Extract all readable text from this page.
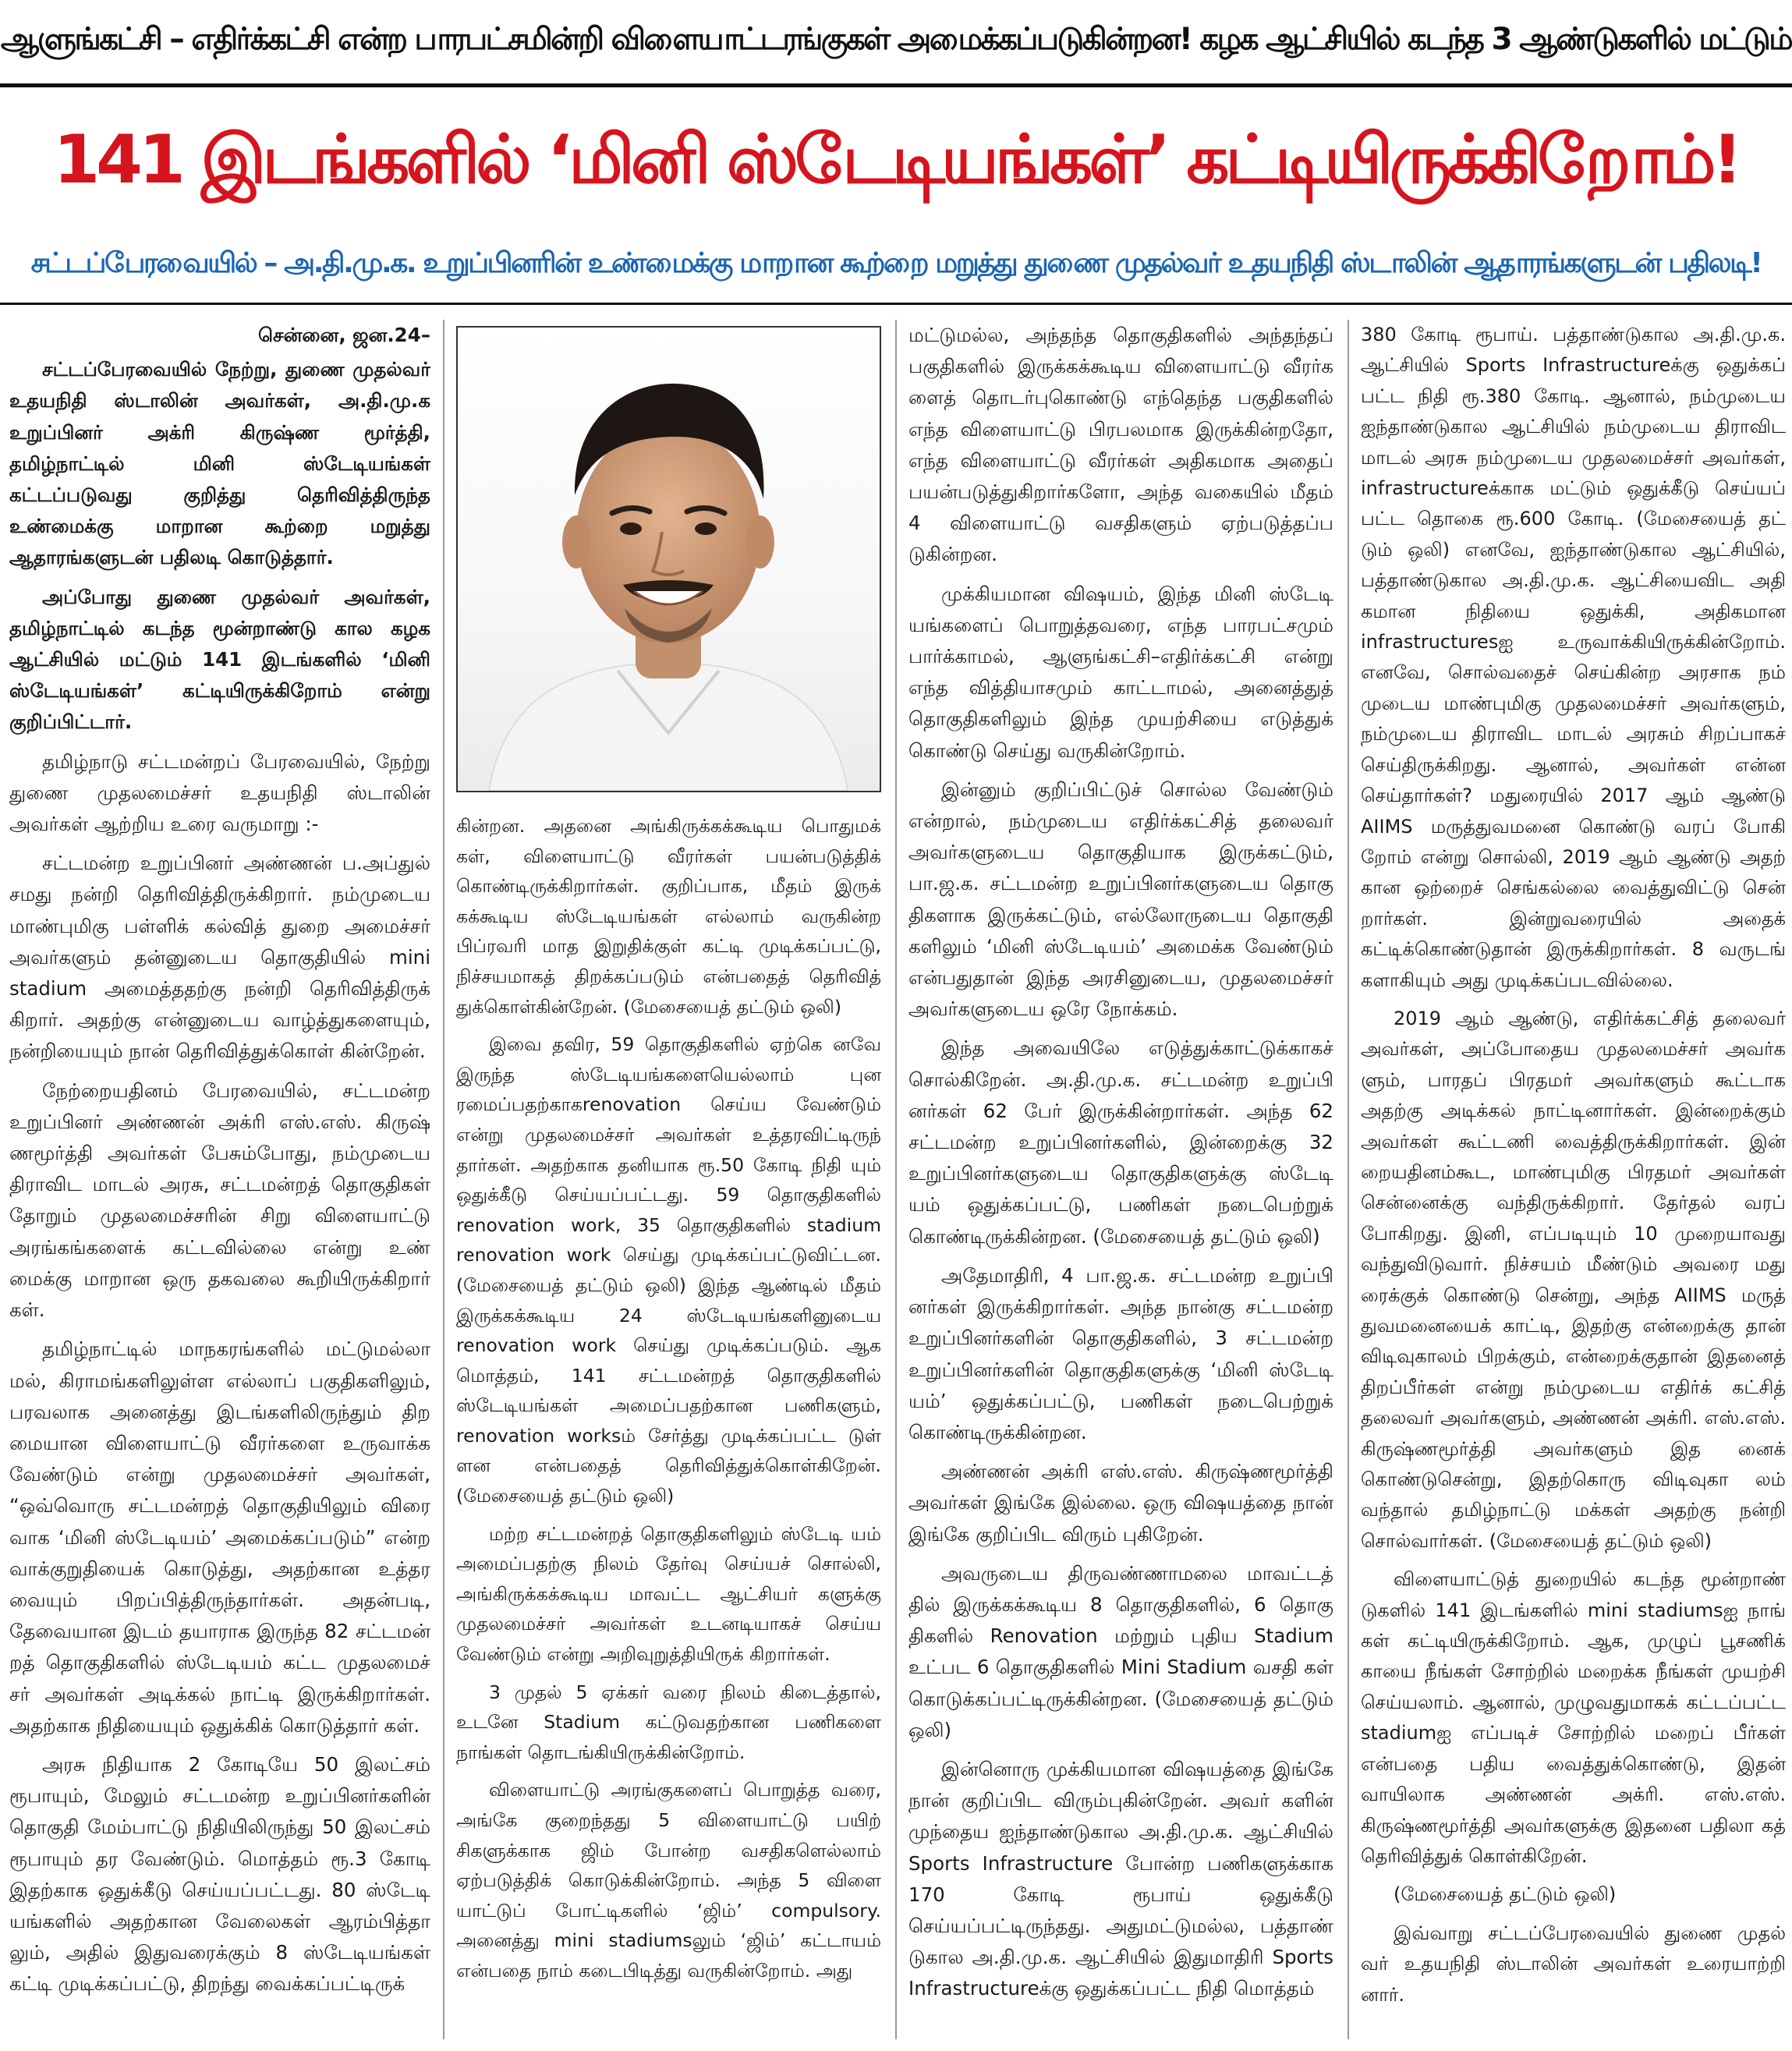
ஆளுங்கட்சி – எதிர்க்கட்சி என்ற பாரபட்சமின்றி விளையாட்டரங்குகள் அமைக்கப்படுகின்றன! கழக ஆட்சியில் கடந்த 3 ஆண்டுகளில் மட்டும்
141 இடங்களில் ‘மினி ஸ்டேடியங்கள்’ கட்டியிருக்கிறோம்!
சட்டப்பேரவையில் – அ.தி.மு.க. உறுப்பினரின் உண்மைக்கு மாறான கூற்றை மறுத்து துணை முதல்வர் உதயநிதி ஸ்டாலின் ஆதாரங்களுடன் பதிலடி!
சென்னை, ஜன.24–

சட்டப்பேரவையில் நேற்று, துணை முதல்வர் உதயநிதி ஸ்டாலின் அவர்கள், அ.தி.மு.க உறுப்பினர் அக்ரி கிருஷ்ண மூர்த்தி, தமிழ்நாட்டில் மினி ஸ்டேடியங்கள் கட்டப்படுவது குறித்து தெரிவித்திருந்த உண்மைக்கு மாறான கூற்றை மறுத்து ஆதாரங்களுடன் பதிலடி கொடுத்தார்.

அப்போது துணை முதல்வர் அவர்கள், தமிழ்நாட்டில் கடந்த மூன்றாண்டு கால கழக ஆட்சியில் மட்டும் 141 இடங்களில் ‘மினி ஸ்டேடியங்கள்’ கட்டியிருக்கிறோம் என்று குறிப்பிட்டார்.

தமிழ்நாடு சட்டமன்றப் பேரவையில், நேற்று துணை முதலமைச்சர் உதயநிதி ஸ்டாலின் அவர்கள் ஆற்றிய உரை வருமாறு :-

சட்டமன்ற உறுப்பினர் அண்ணன் ப.அப்துல் சமது நன்றி தெரிவித்திருக்கிறார். நம்முடைய மாண்புமிகு பள்ளிக் கல்வித் துறை அமைச்சர் அவர்களும் தன்னுடைய தொகுதியில் mini stadium அமைத்ததற்கு நன்றி தெரிவித்திருக் கிறார். அதற்கு என்னுடைய வாழ்த்துகளையும், நன்றியையும் நான் தெரிவித்துக்கொள் கின்றேன்.

நேற்றையதினம் பேரவையில், சட்டமன்ற உறுப்பினர் அண்ணன் அக்ரி எஸ்.எஸ். கிருஷ் ணமூர்த்தி அவர்கள் பேசும்போது, நம்முடைய திராவிட மாடல் அரசு, சட்டமன்றத் தொகுதிகள் தோறும் முதலமைச்சரின் சிறு விளையாட்டு அரங்கங்களைக் கட்டவில்லை என்று உண் மைக்கு மாறான ஒரு தகவலை கூறியிருக்கிறார் கள்.

தமிழ்நாட்டில் மாநகரங்களில் மட்டுமல்லா மல், கிராமங்களிலுள்ள எல்லாப் பகுதிகளிலும், பரவலாக அனைத்து இடங்களிலிருந்தும் திற மையான விளையாட்டு வீரர்களை உருவாக்க வேண்டும் என்று முதலமைச்சர் அவர்கள், “ஒவ்வொரு சட்டமன்றத் தொகுதியிலும் விரை வாக ‘மினி ஸ்டேடியம்’ அமைக்கப்படும்” என்ற வாக்குறுதியைக் கொடுத்து, அதற்கான உத்தர வையும் பிறப்பித்திருந்தார்கள். அதன்படி, தேவையான இடம் தயாராக இருந்த 82 சட்டமன் றத் தொகுதிகளில் ஸ்டேடியம் கட்ட முதலமைச் சர் அவர்கள் அடிக்கல் நாட்டி இருக்கிறார்கள். அதற்காக நிதியையும் ஒதுக்கிக் கொடுத்தார் கள்.

அரசு நிதியாக 2 கோடியே 50 இலட்சம் ரூபாயும், மேலும் சட்டமன்ற உறுப்பினர்களின் தொகுதி மேம்பாட்டு நிதியிலிருந்து 50 இலட்சம் ரூபாயும் தர வேண்டும். மொத்தம் ரூ.3 கோடி இதற்காக ஒதுக்கீடு செய்யப்பட்டது. 80 ஸ்டேடி யங்களில் அதற்கான வேலைகள் ஆரம்பித்தா லும், அதில் இதுவரைக்கும் 8 ஸ்டேடியங்கள் கட்டி முடிக்கப்பட்டு, திறந்து வைக்கப்பட்டிருக்

கின்றன. அதனை அங்கிருக்கக்கூடிய பொதுமக் கள், விளையாட்டு வீரர்கள் பயன்படுத்திக் கொண்டிருக்கிறார்கள். குறிப்பாக, மீதம் இருக் கக்கூடிய ஸ்டேடியங்கள் எல்லாம் வருகின்ற பிப்ரவரி மாத இறுதிக்குள் கட்டி முடிக்கப்பட்டு, நிச்சயமாகத் திறக்கப்படும் என்பதைத் தெரிவித் துக்கொள்கின்றேன். (மேசையைத் தட்டும் ஒலி)

இவை தவிர, 59 தொகுதிகளில் ஏற்கெ னவே இருந்த ஸ்டேடியங்களையெல்லாம் புன ரமைப்பதற்காகrenovation செய்ய வேண்டும் என்று முதலமைச்சர் அவர்கள் உத்தரவிட்டிருந் தார்கள். அதற்காக தனியாக ரூ.50 கோடி நிதி யும் ஒதுக்கீடு செய்யப்பட்டது. 59 தொகுதிகளில் renovation work, 35 தொகுதிகளில் stadium renovation work செய்து முடிக்கப்பட்டுவிட்டன. (மேசையைத் தட்டும் ஒலி) இந்த ஆண்டில் மீதம் இருக்கக்கூடிய 24 ஸ்டேடியங்களினுடைய renovation work செய்து முடிக்கப்படும். ஆக மொத்தம், 141 சட்டமன்றத் தொகுதிகளில் ஸ்டேடியங்கள் அமைப்பதற்கான பணிகளும், renovation worksம் சேர்த்து முடிக்கப்பட்ட டுள் ளன என்பதைத் தெரிவித்துக்கொள்கிறேன். (மேசையைத் தட்டும் ஒலி)

மற்ற சட்டமன்றத் தொகுதிகளிலும் ஸ்டேடி யம் அமைப்பதற்கு நிலம் தேர்வு செய்யச் சொல்லி, அங்கிருக்கக்கூடிய மாவட்ட ஆட்சியர் களுக்கு முதலமைச்சர் அவர்கள் உடனடியாகச் செய்ய வேண்டும் என்று அறிவுறுத்தியிருக் கிறார்கள்.

3 முதல் 5 ஏக்கர் வரை நிலம் கிடைத்தால், உடனே Stadium கட்டுவதற்கான பணிகளை நாங்கள் தொடங்கியிருக்கின்றோம்.

விளையாட்டு அரங்குகளைப் பொறுத்த வரை, அங்கே குறைந்தது 5 விளையாட்டு பயிற் சிகளுக்காக ஜிம் போன்ற வசதிகளெல்லாம் ஏற்படுத்திக் கொடுக்கின்றோம். அந்த 5 விளை யாட்டுப் போட்டிகளில் ‘ஜிம்’ compulsory. அனைத்து mini stadiumsலும் ‘ஜிம்’ கட்டாயம் என்பதை நாம் கடைபிடித்து வருகின்றோம். அது

மட்டுமல்ல, அந்தந்த தொகுதிகளில் அந்தந்தப் பகுதிகளில் இருக்கக்கூடிய விளையாட்டு வீரர்க ளைத் தொடர்புகொண்டு எந்தெந்த பகுதிகளில் எந்த விளையாட்டு பிரபலமாக இருக்கின்றதோ, எந்த விளையாட்டு வீரர்கள் அதிகமாக அதைப் பயன்படுத்துகிறார்களோ, அந்த வகையில் மீதம் 4 விளையாட்டு வசதிகளும் ஏற்படுத்தப்ப டுகின்றன.

முக்கியமான விஷயம், இந்த மினி ஸ்டேடி யங்களைப் பொறுத்தவரை, எந்த பாரபட்சமும் பார்க்காமல், ஆளுங்கட்சி–எதிர்க்கட்சி என்று எந்த வித்தியாசமும் காட்டாமல், அனைத்துத் தொகுதிகளிலும் இந்த முயற்சியை எடுத்துக் கொண்டு செய்து வருகின்றோம்.

இன்னும் குறிப்பிட்டுச் சொல்ல வேண்டும் என்றால், நம்முடைய எதிர்க்கட்சித் தலைவர் அவர்களுடைய தொகுதியாக இருக்கட்டும், பா.ஜ.க. சட்டமன்ற உறுப்பினர்களுடைய தொகு திகளாக இருக்கட்டும், எல்லோருடைய தொகுதி களிலும் ‘மினி ஸ்டேடியம்’ அமைக்க வேண்டும் என்பதுதான் இந்த அரசினுடைய, முதலமைச்சர் அவர்களுடைய ஒரே நோக்கம்.

இந்த அவையிலே எடுத்துக்காட்டுக்காகச் சொல்கிறேன். அ.தி.மு.க. சட்டமன்ற உறுப்பி னர்கள் 62 பேர் இருக்கின்றார்கள். அந்த 62 சட்டமன்ற உறுப்பினர்களில், இன்றைக்கு 32 உறுப்பினர்களுடைய தொகுதிகளுக்கு ஸ்டேடி யம் ஒதுக்கப்பட்டு, பணிகள் நடைபெற்றுக் கொண்டிருக்கின்றன. (மேசையைத் தட்டும் ஒலி)

அதேமாதிரி, 4 பா.ஜ.க. சட்டமன்ற உறுப்பி னர்கள் இருக்கிறார்கள். அந்த நான்கு சட்டமன்ற உறுப்பினர்களின் தொகுதிகளில், 3 சட்டமன்ற உறுப்பினர்களின் தொகுதிகளுக்கு ‘மினி ஸ்டேடி யம்’ ஒதுக்கப்பட்டு, பணிகள் நடைபெற்றுக் கொண்டிருக்கின்றன.

அண்ணன் அக்ரி எஸ்.எஸ். கிருஷ்ணமூர்த்தி அவர்கள் இங்கே இல்லை. ஒரு விஷயத்தை நான் இங்கே குறிப்பிட விரும் புகிறேன்.

அவருடைய திருவண்ணாமலை மாவட்டத் தில் இருக்கக்கூடிய 8 தொகுதிகளில், 6 தொகு திகளில் Renovation மற்றும் புதிய Stadium உட்பட 6 தொகுதிகளில் Mini Stadium வசதி கள் கொடுக்கப்பட்டிருக்கின்றன. (மேசையைத் தட்டும் ஒலி)

இன்னொரு முக்கியமான விஷயத்தை இங்கே நான் குறிப்பிட விரும்புகின்றேன். அவர் களின் முந்தைய ஐந்தாண்டுகால அ.தி.மு.க. ஆட்சியில் Sports Infrastructure போன்ற பணிகளுக்காக 170 கோடி ரூபாய் ஒதுக்கீடு செய்யப்பட்டிருந்தது. அதுமட்டுமல்ல, பத்தாண் டுகால அ.தி.மு.க. ஆட்சியில் இதுமாதிரி Sports Infrastructureக்கு ஒதுக்கப்பட்ட நிதி மொத்தம்

380 கோடி ரூபாய். பத்தாண்டுகால அ.தி.மு.க. ஆட்சியில் Sports Infrastructureக்கு ஒதுக்கப் பட்ட நிதி ரூ.380 கோடி. ஆனால், நம்முடைய ஐந்தாண்டுகால ஆட்சியில் நம்முடைய திராவிட மாடல் அரசு நம்முடைய முதலமைச்சர் அவர்கள், infrastructureக்காக மட்டும் ஒதுக்கீடு செய்யப் பட்ட தொகை ரூ.600 கோடி. (மேசையைத் தட் டும் ஒலி) எனவே, ஐந்தாண்டுகால ஆட்சியில், பத்தாண்டுகால அ.தி.மு.க. ஆட்சியைவிட அதி கமான நிதியை ஒதுக்கி, அதிகமான infrastructuresஐ உருவாக்கியிருக்கின்றோம். எனவே, சொல்வதைச் செய்கின்ற அரசாக நம் முடைய மாண்புமிகு முதலமைச்சர் அவர்களும், நம்முடைய திராவிட மாடல் அரசும் சிறப்பாகச் செய்திருக்கிறது. ஆனால், அவர்கள் என்ன செய்தார்கள்? மதுரையில் 2017 ஆம் ஆண்டு AIIMS மருத்துவமனை கொண்டு வரப் போகி றோம் என்று சொல்லி, 2019 ஆம் ஆண்டு அதற் கான ஒற்றைச் செங்கல்லை வைத்துவிட்டு சென் றார்கள். இன்றுவரையில் அதைக் கட்டிக்கொண்டுதான் இருக்கிறார்கள். 8 வருடங் களாகியும் அது முடிக்கப்படவில்லை.

2019 ஆம் ஆண்டு, எதிர்க்கட்சித் தலைவர் அவர்கள், அப்போதைய முதலமைச்சர் அவர்க ளும், பாரதப் பிரதமர் அவர்களும் கூட்டாக அதற்கு அடிக்கல் நாட்டினார்கள். இன்றைக்கும் அவர்கள் கூட்டணி வைத்திருக்கிறார்கள். இன் றையதினம்கூட, மாண்புமிகு பிரதமர் அவர்கள் சென்னைக்கு வந்திருக்கிறார். தேர்தல் வரப் போகிறது. இனி, எப்படியும் 10 முறையாவது வந்துவிடுவார். நிச்சயம் மீண்டும் அவரை மது ரைக்குக் கொண்டு சென்று, அந்த AIIMS மருத் துவமனையைக் காட்டி, இதற்கு என்றைக்கு தான் விடிவுகாலம் பிறக்கும், என்றைக்குதான் இதனைத் திறப்பீர்கள் என்று நம்முடைய எதிர்க் கட்சித் தலைவர் அவர்களும், அண்ணன் அக்ரி. எஸ்.எஸ். கிருஷ்ணமூர்த்தி அவர்களும் இத னைக் கொண்டுசென்று, இதற்கொரு விடிவுகா லம் வந்தால் தமிழ்நாட்டு மக்கள் அதற்கு நன்றி சொல்வார்கள். (மேசையைத் தட்டும் ஒலி)

விளையாட்டுத் துறையில் கடந்த மூன்றாண் டுகளில் 141 இடங்களில் mini stadiumsஐ நாங் கள் கட்டியிருக்கிறோம். ஆக, முழுப் பூசணிக் காயை நீங்கள் சோற்றில் மறைக்க நீங்கள் முயற்சி செய்யலாம். ஆனால், முழுவதுமாகக் கட்டப்பட்ட stadiumஐ எப்படிச் சோற்றில் மறைப் பீர்கள் என்பதை பதிய வைத்துக்கொண்டு, இதன் வாயிலாக அண்ணன் அக்ரி. எஸ்.எஸ். கிருஷ்ணமூர்த்தி அவர்களுக்கு இதனை பதிலா கத் தெரிவித்துக் கொள்கிறேன்.

(மேசையைத் தட்டும் ஒலி)

இவ்வாறு சட்டப்பேரவையில் துணை முதல் வர் உதயநிதி ஸ்டாலின் அவர்கள் உரையாற்றி னார்.
